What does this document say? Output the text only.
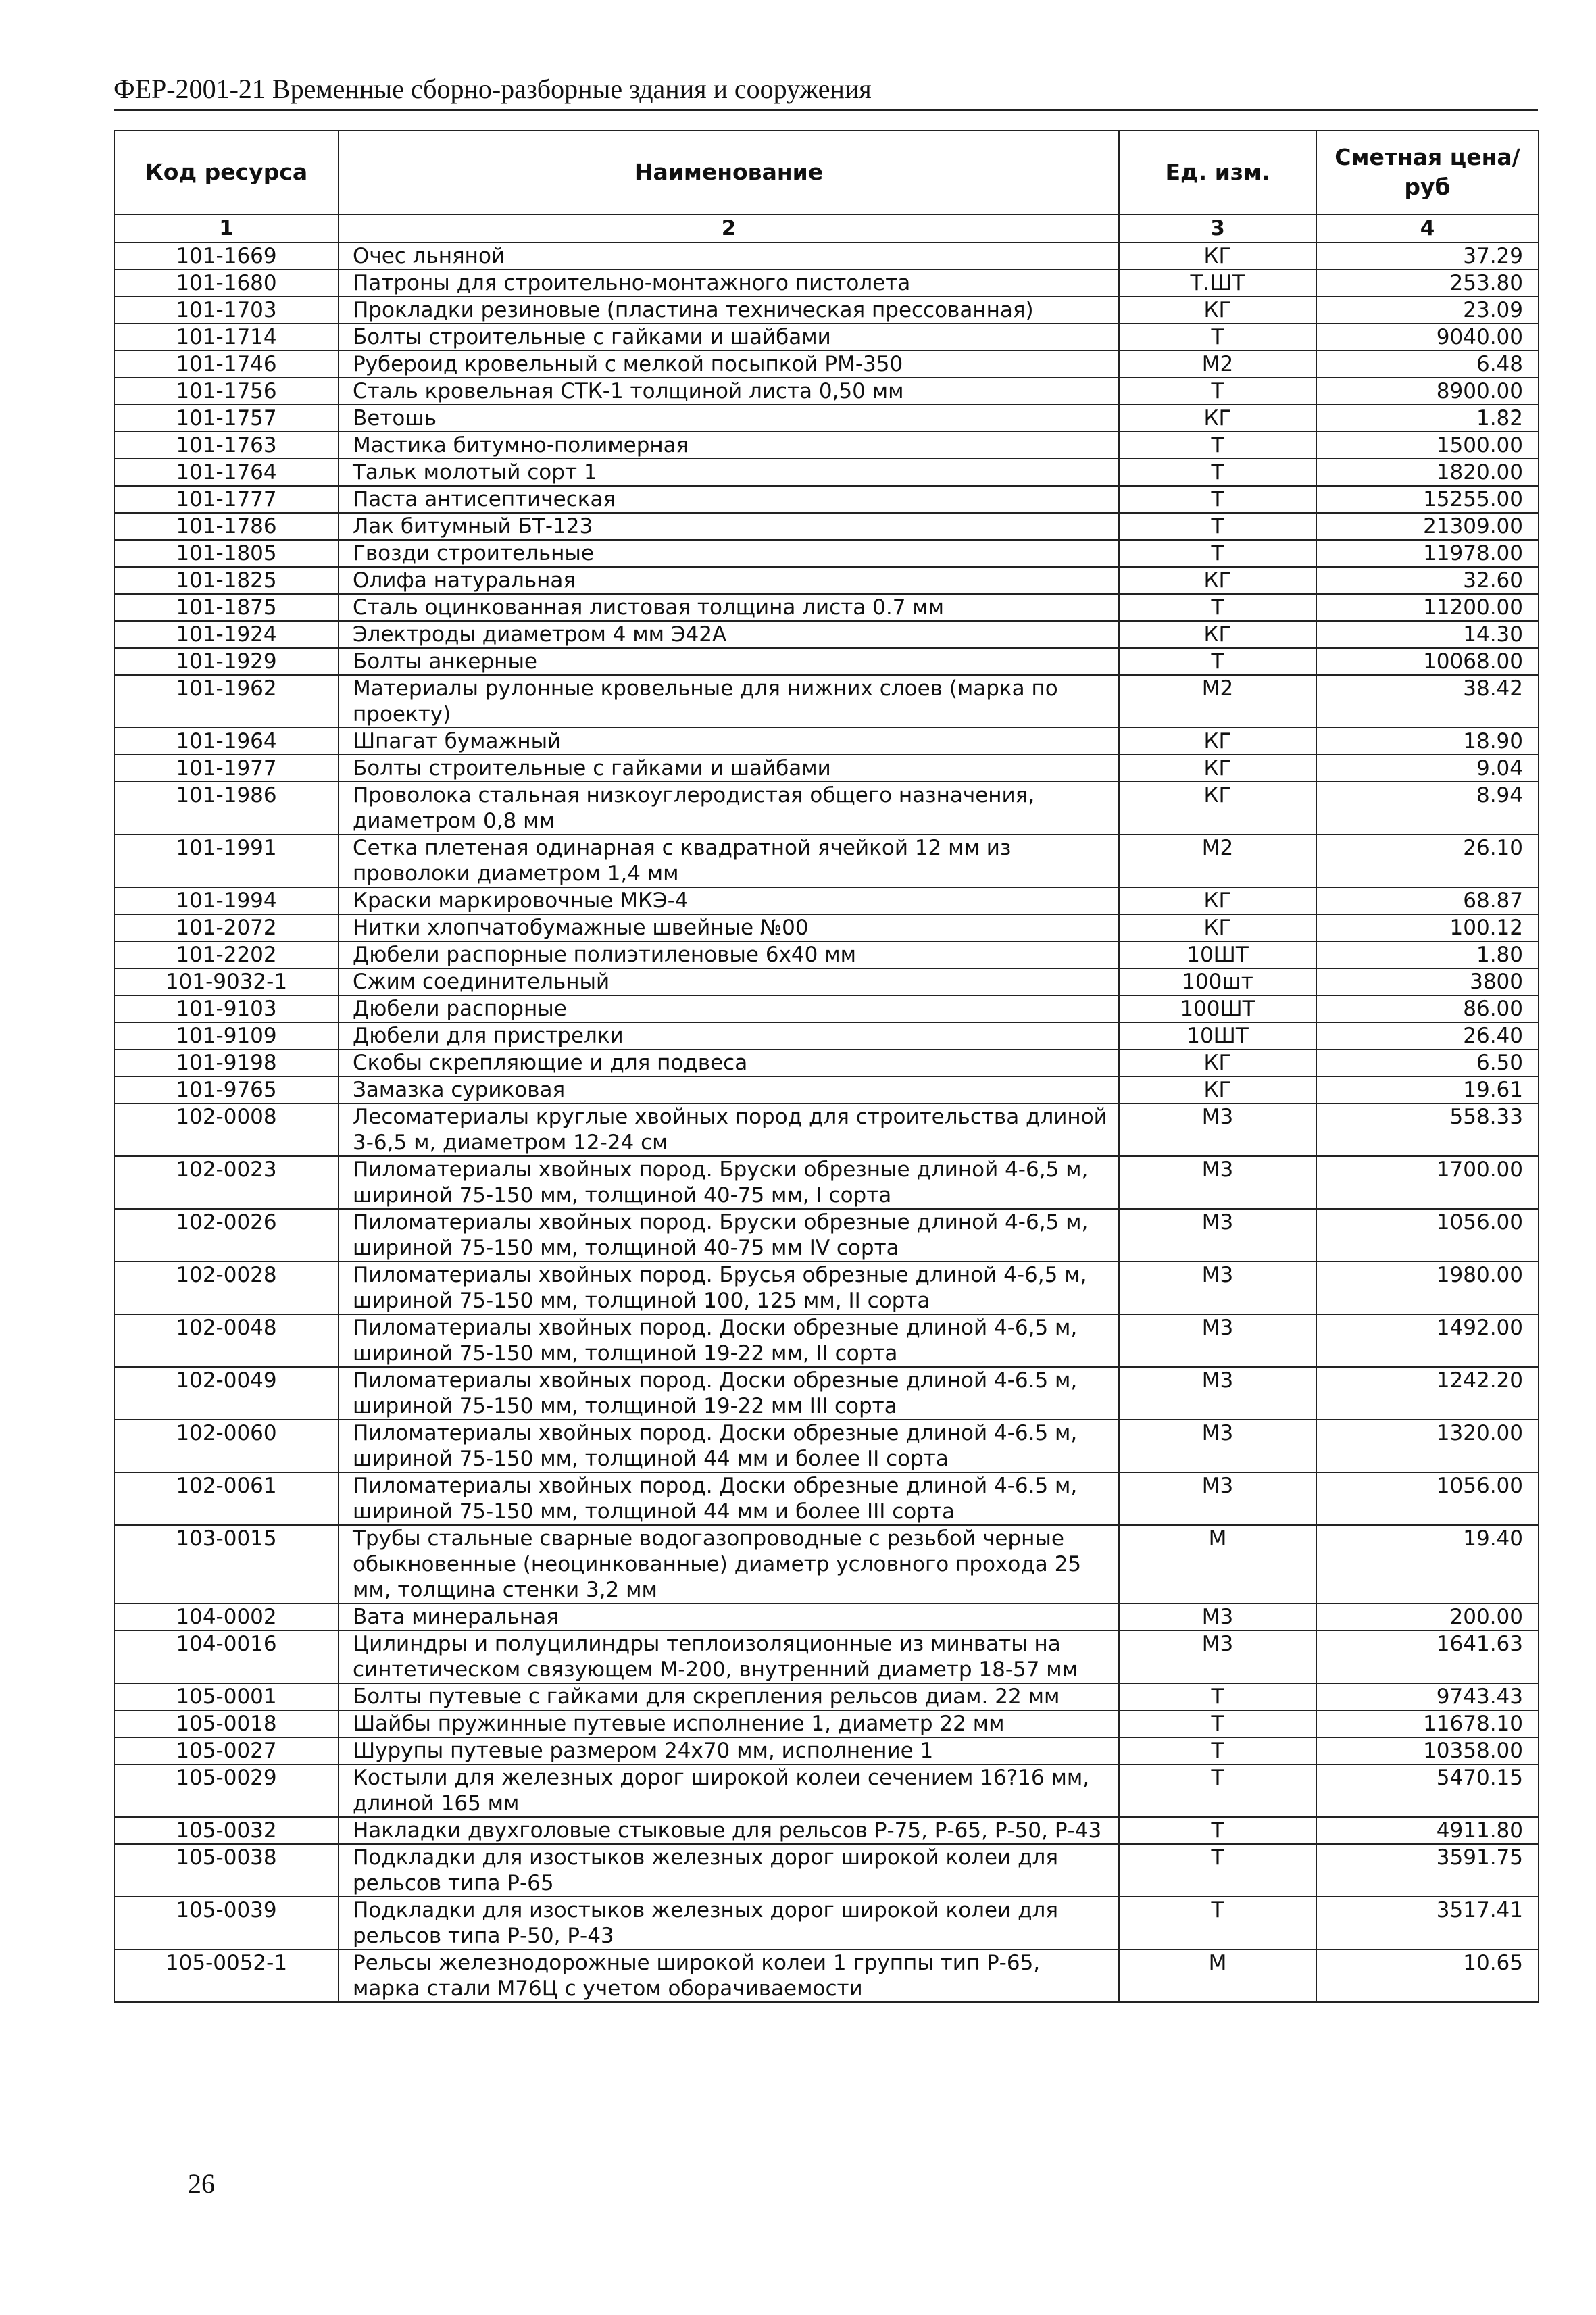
ФЕР-2001-21 Временные сборно-разборные здания и сооружения
Код ресурса	Наименование	Ед. изм.	Сметная цена/руб
1	2	3	4
101-1669	Очес льняной	КГ	37.29
101-1680	Патроны для строительно-монтажного пистолета	Т.ШТ	253.80
101-1703	Прокладки резиновые (пластина техническая прессованная)	КГ	23.09
101-1714	Болты строительные с гайками и шайбами	Т	9040.00
101-1746	Рубероид кровельный с мелкой посыпкой РМ-350	М2	6.48
101-1756	Сталь кровельная СТК-1 толщиной листа 0,50 мм	Т	8900.00
101-1757	Ветошь	КГ	1.82
101-1763	Мастика битумно-полимерная	Т	1500.00
101-1764	Тальк молотый сорт 1	Т	1820.00
101-1777	Паста антисептическая	Т	15255.00
101-1786	Лак битумный БТ-123	Т	21309.00
101-1805	Гвозди строительные	Т	11978.00
101-1825	Олифа натуральная	КГ	32.60
101-1875	Сталь оцинкованная листовая толщина листа 0.7 мм	Т	11200.00
101-1924	Электроды диаметром 4 мм Э42А	КГ	14.30
101-1929	Болты анкерные	Т	10068.00
101-1962	Материалы рулонные кровельные для нижних слоев (марка по проекту)	М2	38.42
101-1964	Шпагат бумажный	КГ	18.90
101-1977	Болты строительные с гайками и шайбами	КГ	9.04
101-1986	Проволока стальная низкоуглеродистая общего назначения, диаметром 0,8 мм	КГ	8.94
101-1991	Сетка плетеная одинарная с квадратной ячейкой 12 мм из проволоки диаметром 1,4 мм	М2	26.10
101-1994	Краски маркировочные МКЭ-4	КГ	68.87
101-2072	Нитки хлопчатобумажные швейные №00	КГ	100.12
101-2202	Дюбели распорные полиэтиленовые 6х40 мм	10ШТ	1.80
101-9032-1	Сжим соединительный	100шт	3800
101-9103	Дюбели распорные	100ШТ	86.00
101-9109	Дюбели для пристрелки	10ШТ	26.40
101-9198	Скобы скрепляющие и для подвеса	КГ	6.50
101-9765	Замазка суриковая	КГ	19.61
102-0008	Лесоматериалы круглые хвойных пород для строительства длиной 3-6,5 м, диаметром 12-24 см	М3	558.33
102-0023	Пиломатериалы хвойных пород. Бруски обрезные длиной 4-6,5 м, шириной 75-150 мм, толщиной 40-75 мм, I сорта	М3	1700.00
102-0026	Пиломатериалы хвойных пород. Бруски обрезные длиной 4-6,5 м, шириной 75-150 мм, толщиной 40-75 мм IV сорта	М3	1056.00
102-0028	Пиломатериалы хвойных пород. Брусья обрезные длиной 4-6,5 м, шириной 75-150 мм, толщиной 100, 125 мм, II сорта	М3	1980.00
102-0048	Пиломатериалы хвойных пород. Доски обрезные длиной 4-6,5 м, шириной 75-150 мм, толщиной 19-22 мм, II сорта	М3	1492.00
102-0049	Пиломатериалы хвойных пород. Доски обрезные длиной 4-6.5 м, шириной 75-150 мм, толщиной 19-22 мм III сорта	М3	1242.20
102-0060	Пиломатериалы хвойных пород. Доски обрезные длиной 4-6.5 м, шириной 75-150 мм, толщиной 44 мм и более II сорта	М3	1320.00
102-0061	Пиломатериалы хвойных пород. Доски обрезные длиной 4-6.5 м, шириной 75-150 мм, толщиной 44 мм и более III сорта	М3	1056.00
103-0015	Трубы стальные сварные водогазопроводные с резьбой черные обыкновенные (неоцинкованные) диаметр условного прохода 25 мм, толщина стенки 3,2 мм	М	19.40
104-0002	Вата минеральная	М3	200.00
104-0016	Цилиндры и полуцилиндры теплоизоляционные из минваты на синтетическом связующем М-200, внутренний диаметр 18-57 мм	М3	1641.63
105-0001	Болты путевые с гайками для скрепления рельсов диам. 22 мм	Т	9743.43
105-0018	Шайбы пружинные путевые исполнение 1, диаметр 22 мм	Т	11678.10
105-0027	Шурупы путевые размером 24х70 мм, исполнение 1	Т	10358.00
105-0029	Костыли для железных дорог широкой колеи сечением 16?16 мм, длиной 165 мм	Т	5470.15
105-0032	Накладки двухголовые стыковые для рельсов Р-75, Р-65, Р-50, Р-43	Т	4911.80
105-0038	Подкладки для изостыков железных дорог широкой колеи для рельсов типа Р-65	Т	3591.75
105-0039	Подкладки для изостыков железных дорог широкой колеи для рельсов типа Р-50, Р-43	Т	3517.41
105-0052-1	Рельсы железнодорожные широкой колеи 1 группы тип Р-65, марка стали М76Ц с учетом оборачиваемости	М	10.65
26
